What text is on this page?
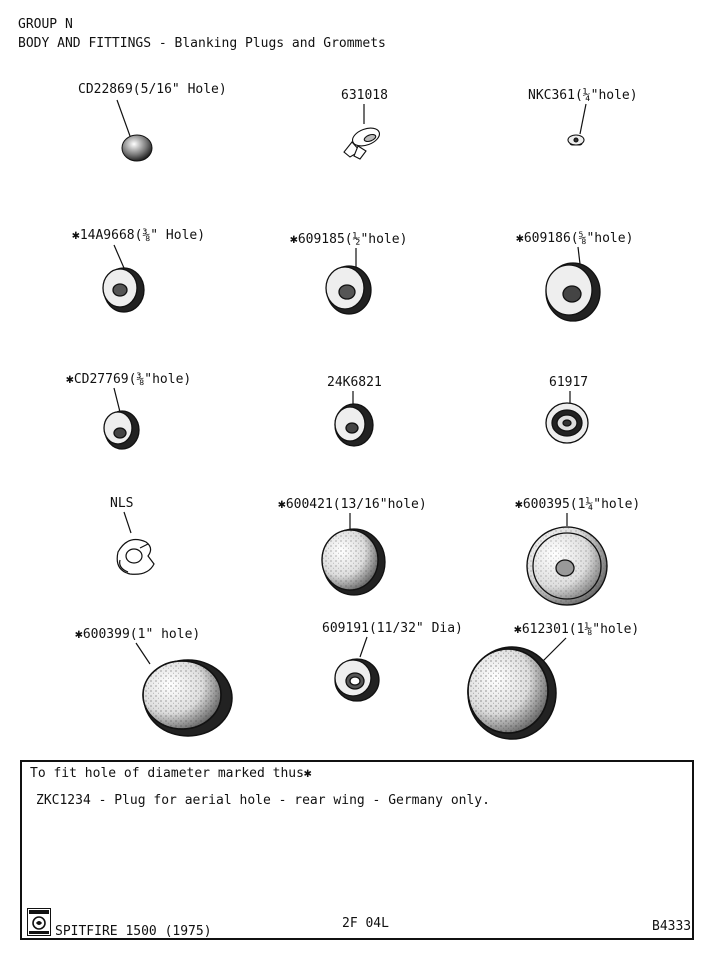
GROUP N
BODY AND FITTINGS - Blanking Plugs and Grommets
CD22869(5/16" Hole)	631018	NKC361(¼"hole)
✱14A9668(⅜" Hole)	✱609185(½"hole)	✱609186(⅝"hole)
✱CD27769(⅜"hole)	24K6821	61917
NLS	✱600421(13/16"hole)	✱600395(1¼"hole)
✱600399(1" hole)	609191(11/32" Dia)	✱612301(1⅛"hole)
To fit hole of diameter marked thus✱
ZKC1234 - Plug for aerial hole - rear wing - Germany only.
SPITFIRE 1500 (1975)
2F 04L	B4333
